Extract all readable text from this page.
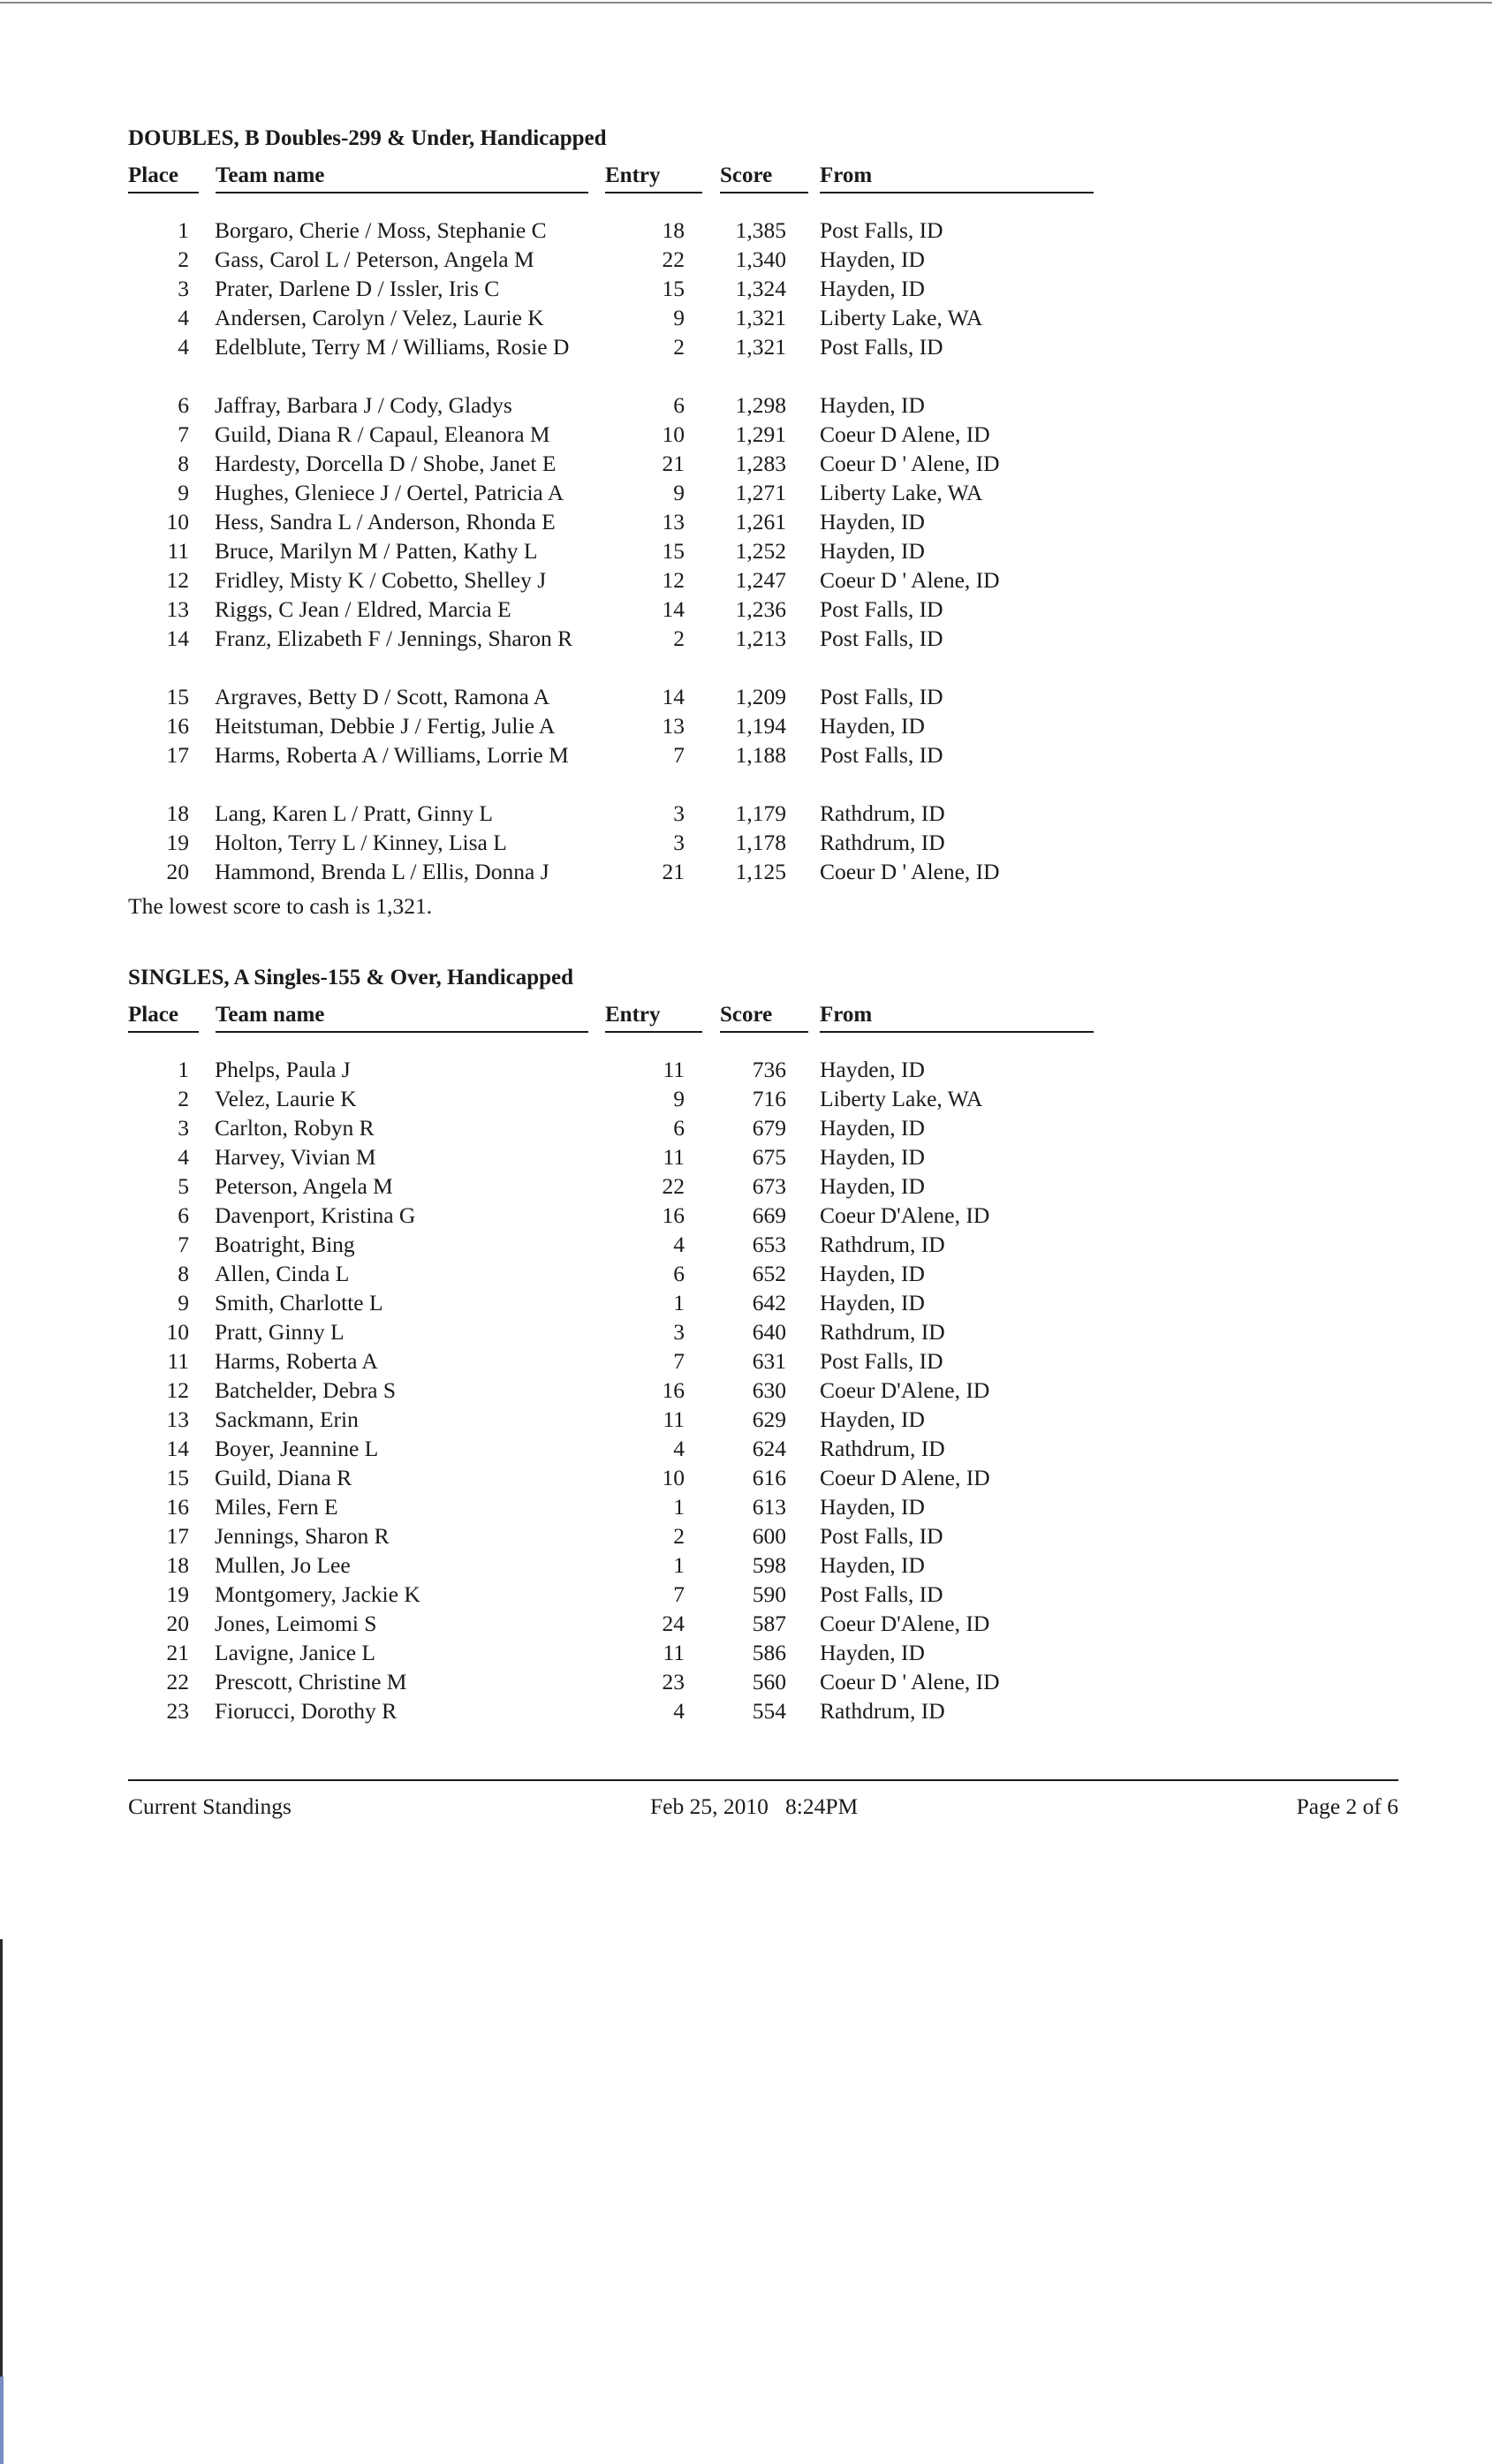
DOUBLES, B Doubles-299 & Under, Handicapped
Place Team name	Entry	Score From
1 Borgaro, Cherie / Moss, Stephanie C	18	1,385 Post Falls, ID
2 Gass, Carol L / Peterson, Angela M	22	1,340 Hayden, ID
3 Prater, Darlene D / Issler, Iris C	15	1,324 Hayden, ID
4 Andersen, Carolyn / Velez, Laurie K	9	1,321 Liberty Lake, WA
4 Edelblute, Terry M / Williams, Rosie D	2	1,321 Post Falls, ID
6 Jaffray, Barbara J / Cody, Gladys	6	1,298 Hayden, ID
7 Guild, Diana R / Capaul, Eleanora M	10	1,291 Coeur D Alene, ID
8 Hardesty, Dorcella D / Shobe, Janet E	21	1,283 Coeur D ' Alene, ID
9 Hughes, Gleniece J / Oertel, Patricia A	9	1,271 Liberty Lake, WA
10 Hess, Sandra L / Anderson, Rhonda E	13	1,261 Hayden, ID
11 Bruce, Marilyn M / Patten, Kathy L	15	1,252 Hayden, ID
12 Fridley, Misty K / Cobetto, Shelley J	12	1,247 Coeur D ' Alene, ID
13 Riggs, C Jean / Eldred, Marcia E	14	1,236 Post Falls, ID
14 Franz, Elizabeth F / Jennings, Sharon R	2	1,213 Post Falls, ID
15 Argraves, Betty D / Scott, Ramona A	14	1,209 Post Falls, ID
16 Heitstuman, Debbie J / Fertig, Julie A	13	1,194 Hayden, ID
17 Harms, Roberta A / Williams, Lorrie M	7	1,188 Post Falls, ID
18 Lang, Karen L / Pratt, Ginny L	3	1,179 Rathdrum, ID
19 Holton, Terry L / Kinney, Lisa L	3	1,178 Rathdrum, ID
20 Hammond, Brenda L / Ellis, Donna J	21	1,125 Coeur D ' Alene, ID
The lowest score to cash is 1,321.
SINGLES, A Singles-155 & Over, Handicapped
Place Team name	Entry	Score From
1 Phelps, Paula J	11	736 Hayden, ID
2 Velez, Laurie K	9	716 Liberty Lake, WA
3 Carlton, Robyn R	6	679 Hayden, ID
4 Harvey, Vivian M	11	675 Hayden, ID
5 Peterson, Angela M	22	673 Hayden, ID
6 Davenport, Kristina G	16	669 Coeur D'Alene, ID
7 Boatright, Bing	4	653 Rathdrum, ID
8 Allen, Cinda L	6	652 Hayden, ID
9 Smith, Charlotte L	1	642 Hayden, ID
10 Pratt, Ginny L	3	640 Rathdrum, ID
11 Harms, Roberta A	7	631 Post Falls, ID
12 Batchelder, Debra S	16	630 Coeur D'Alene, ID
13 Sackmann, Erin	11	629 Hayden, ID
14 Boyer, Jeannine L	4	624 Rathdrum, ID
15 Guild, Diana R	10	616 Coeur D Alene, ID
16 Miles, Fern E	1	613 Hayden, ID
17 Jennings, Sharon R	2	600 Post Falls, ID
18 Mullen, Jo Lee	1	598 Hayden, ID
19 Montgomery, Jackie K	7	590 Post Falls, ID
20 Jones, Leimomi S	24	587 Coeur D'Alene, ID
21 Lavigne, Janice L	11	586 Hayden, ID
22 Prescott, Christine M	23	560 Coeur D ' Alene, ID
23 Fiorucci, Dorothy R	4	554 Rathdrum, ID
Current Standings	Feb 25, 2010   8:24PM	Page 2 of 6
